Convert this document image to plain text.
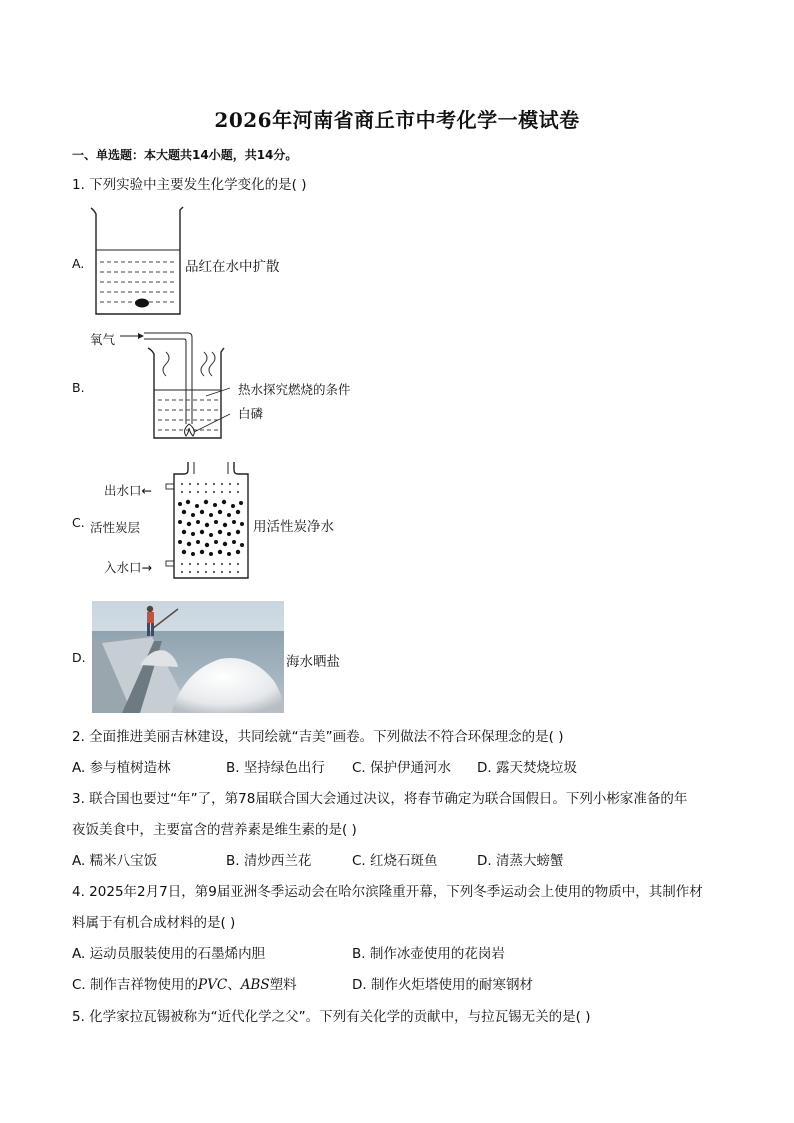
2026年河南省商丘市中考化学一模试卷
一、单选题：本大题共14小题，共14分。
1. 下列实验中主要发生化学变化的是( )
A.	品红在水中扩散
B.
氧气
热水探究燃烧的条件
白磷
C.
出水口←
活性炭层
入水口→
用活性炭净水
D.	海水晒盐
2. 全面推进美丽吉林建设，共同绘就“吉美”画卷。下列做法不符合环保理念的是( )
A. 参与植树造林	B. 坚持绿色出行 C. 保护伊通河水 D. 露天焚烧垃圾
3. 联合国也要过“年”了，第78届联合国大会通过决议，将春节确定为联合国假日。下列小彬家准备的年
夜饭美食中，主要富含的营养素是维生素的是( )
A. 糯米八宝饭	B. 清炒西兰花	C. 红烧石斑鱼	D. 清蒸大螃蟹
4. 2025年2月7日，第9届亚洲冬季运动会在哈尔滨隆重开幕，下列冬季运动会上使用的物质中，其制作材
料属于有机合成材料的是( )
A. 运动员服装使用的石墨烯内胆	B. 制作冰壶使用的花岗岩
C. 制作吉祥物使用的PVC、ABS塑料	D. 制作火炬塔使用的耐寒钢材
5. 化学家拉瓦锡被称为“近代化学之父”。下列有关化学的贡献中，与拉瓦锡无关的是( )
